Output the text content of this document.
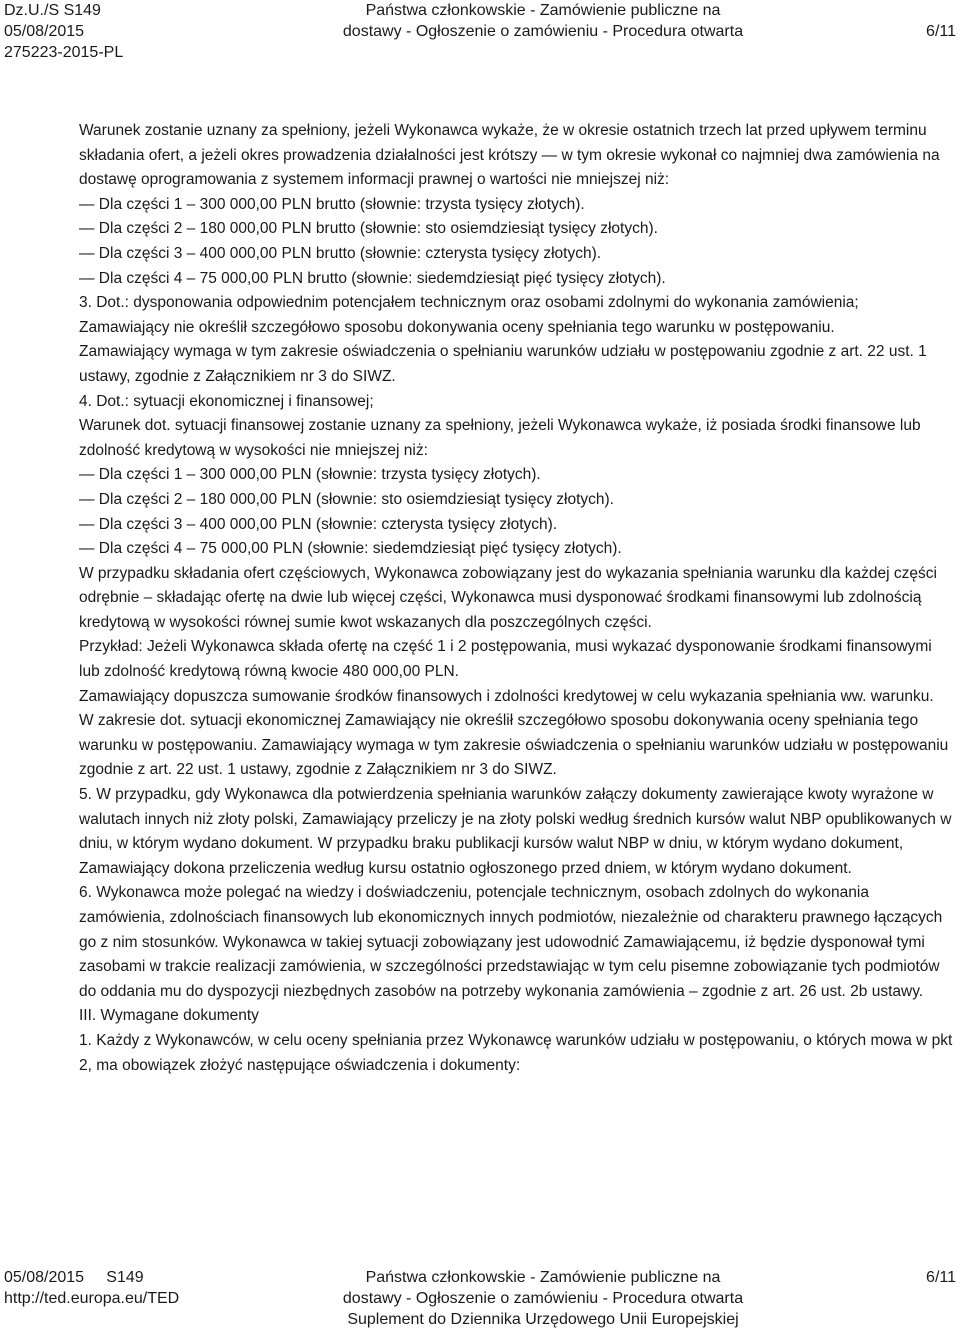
Dz.U./S S149
05/08/2015
275223-2015-PL
Państwa członkowskie - Zamówienie publiczne na
dostawy - Ogłoszenie o zamówieniu - Procedura otwarta	6/11

Warunek zostanie uznany za spełniony, jeżeli Wykonawca wykaże, że w okresie ostatnich trzech lat przed upływem terminu składania ofert, a jeżeli okres prowadzenia działalności jest krótszy — w tym okresie wykonał co najmniej dwa zamówienia na dostawę oprogramowania z systemem informacji prawnej o wartości nie mniejszej niż:

— Dla części 1 – 300 000,00 PLN brutto (słownie: trzysta tysięcy złotych).

— Dla części 2 – 180 000,00 PLN brutto (słownie: sto osiemdziesiąt tysięcy złotych).

— Dla części 3 – 400 000,00 PLN brutto (słownie: czterysta tysięcy złotych).

— Dla części 4 – 75 000,00 PLN brutto (słownie: siedemdziesiąt pięć tysięcy złotych).

3. Dot.: dysponowania odpowiednim potencjałem technicznym oraz osobami zdolnymi do wykonania zamówienia;

Zamawiający nie określił szczegółowo sposobu dokonywania oceny spełniania tego warunku w postępowaniu.

Zamawiający wymaga w tym zakresie oświadczenia o spełnianiu warunków udziału w postępowaniu zgodnie z art. 22 ust. 1 ustawy, zgodnie z Załącznikiem nr 3 do SIWZ.

4. Dot.: sytuacji ekonomicznej i finansowej;

Warunek dot. sytuacji finansowej zostanie uznany za spełniony, jeżeli Wykonawca wykaże, iż posiada środki finansowe lub zdolność kredytową w wysokości nie mniejszej niż:

— Dla części 1 – 300 000,00 PLN (słownie: trzysta tysięcy złotych).

— Dla części 2 – 180 000,00 PLN (słownie: sto osiemdziesiąt tysięcy złotych).

— Dla części 3 – 400 000,00 PLN (słownie: czterysta tysięcy złotych).

— Dla części 4 – 75 000,00 PLN (słownie: siedemdziesiąt pięć tysięcy złotych).

W przypadku składania ofert częściowych, Wykonawca zobowiązany jest do wykazania spełniania warunku dla każdej części odrębnie – składając ofertę na dwie lub więcej części, Wykonawca musi dysponować środkami finansowymi lub zdolnością kredytową w wysokości równej sumie kwot wskazanych dla poszczególnych części.

Przykład: Jeżeli Wykonawca składa ofertę na część 1 i 2 postępowania, musi wykazać dysponowanie środkami finansowymi lub zdolność kredytową równą kwocie 480 000,00 PLN.

Zamawiający dopuszcza sumowanie środków finansowych i zdolności kredytowej w celu wykazania spełniania ww. warunku.

W zakresie dot. sytuacji ekonomicznej Zamawiający nie określił szczegółowo sposobu dokonywania oceny spełniania tego warunku w postępowaniu. Zamawiający wymaga w tym zakresie oświadczenia o spełnianiu warunków udziału w postępowaniu zgodnie z art. 22 ust. 1 ustawy, zgodnie z Załącznikiem nr 3 do SIWZ.

5. W przypadku, gdy Wykonawca dla potwierdzenia spełniania warunków załączy dokumenty zawierające kwoty wyrażone w walutach innych niż złoty polski, Zamawiający przeliczy je na złoty polski według średnich kursów walut NBP opublikowanych w dniu, w którym wydano dokument. W przypadku braku publikacji kursów walut NBP w dniu, w którym wydano dokument, Zamawiający dokona przeliczenia według kursu ostatnio ogłoszonego przed dniem, w którym wydano dokument.

6. Wykonawca może polegać na wiedzy i doświadczeniu, potencjale technicznym, osobach zdolnych do wykonania zamówienia, zdolnościach finansowych lub ekonomicznych innych podmiotów, niezależnie od charakteru prawnego łączących go z nim stosunków. Wykonawca w takiej sytuacji zobowiązany jest udowodnić Zamawiającemu, iż będzie dysponował tymi zasobami w trakcie realizacji zamówienia, w szczególności przedstawiając w tym celu pisemne zobowiązanie tych podmiotów do oddania mu do dyspozycji niezbędnych zasobów na potrzeby wykonania zamówienia – zgodnie z art. 26 ust. 2b ustawy.

III. Wymagane dokumenty

1. Każdy z Wykonawców, w celu oceny spełniania przez Wykonawcę warunków udziału w postępowaniu, o których mowa w pkt 2, ma obowiązek złożyć następujące oświadczenia i dokumenty:

05/08/2015     S149
http://ted.europa.eu/TED
Państwa członkowskie - Zamówienie publiczne na
dostawy - Ogłoszenie o zamówieniu - Procedura otwarta
Suplement do Dziennika Urzędowego Unii Europejskiej
6/11
